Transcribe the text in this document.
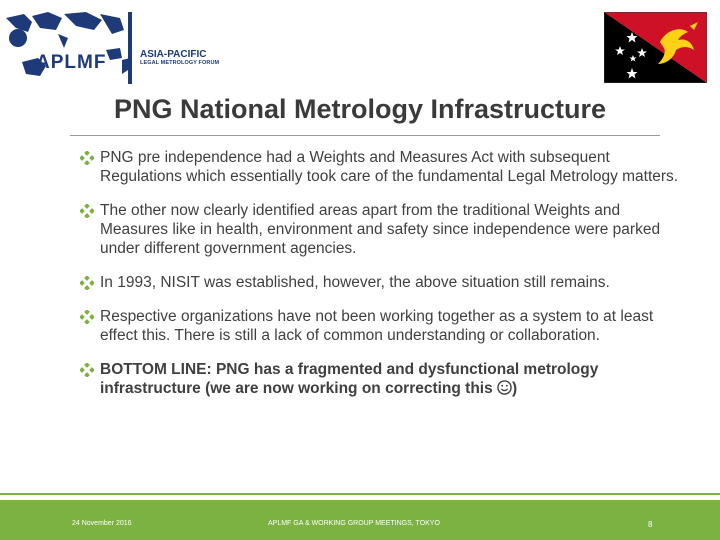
APLMF	ASIA-PACIFIC
LEGAL METROLOGY FORUM
PNG National Metrology Infrastructure
PNG pre independence had a Weights and Measures Act with subsequent Regulations which essentially took care of the fundamental Legal Metrology matters.
The other now clearly identified areas apart from the traditional Weights and Measures like in health, environment and safety since independence were parked under different government agencies.
In 1993, NISIT was established, however, the above situation still remains.
Respective organizations have not been working together as a system to at least effect this. There is still a lack of common understanding or collaboration.
BOTTOM LINE: PNG has a fragmented and dysfunctional metrology infrastructure (we are now working on correcting this )
24 November 2016	APLMF GA & WORKING GROUP MEETINGS, TOKYO	8
